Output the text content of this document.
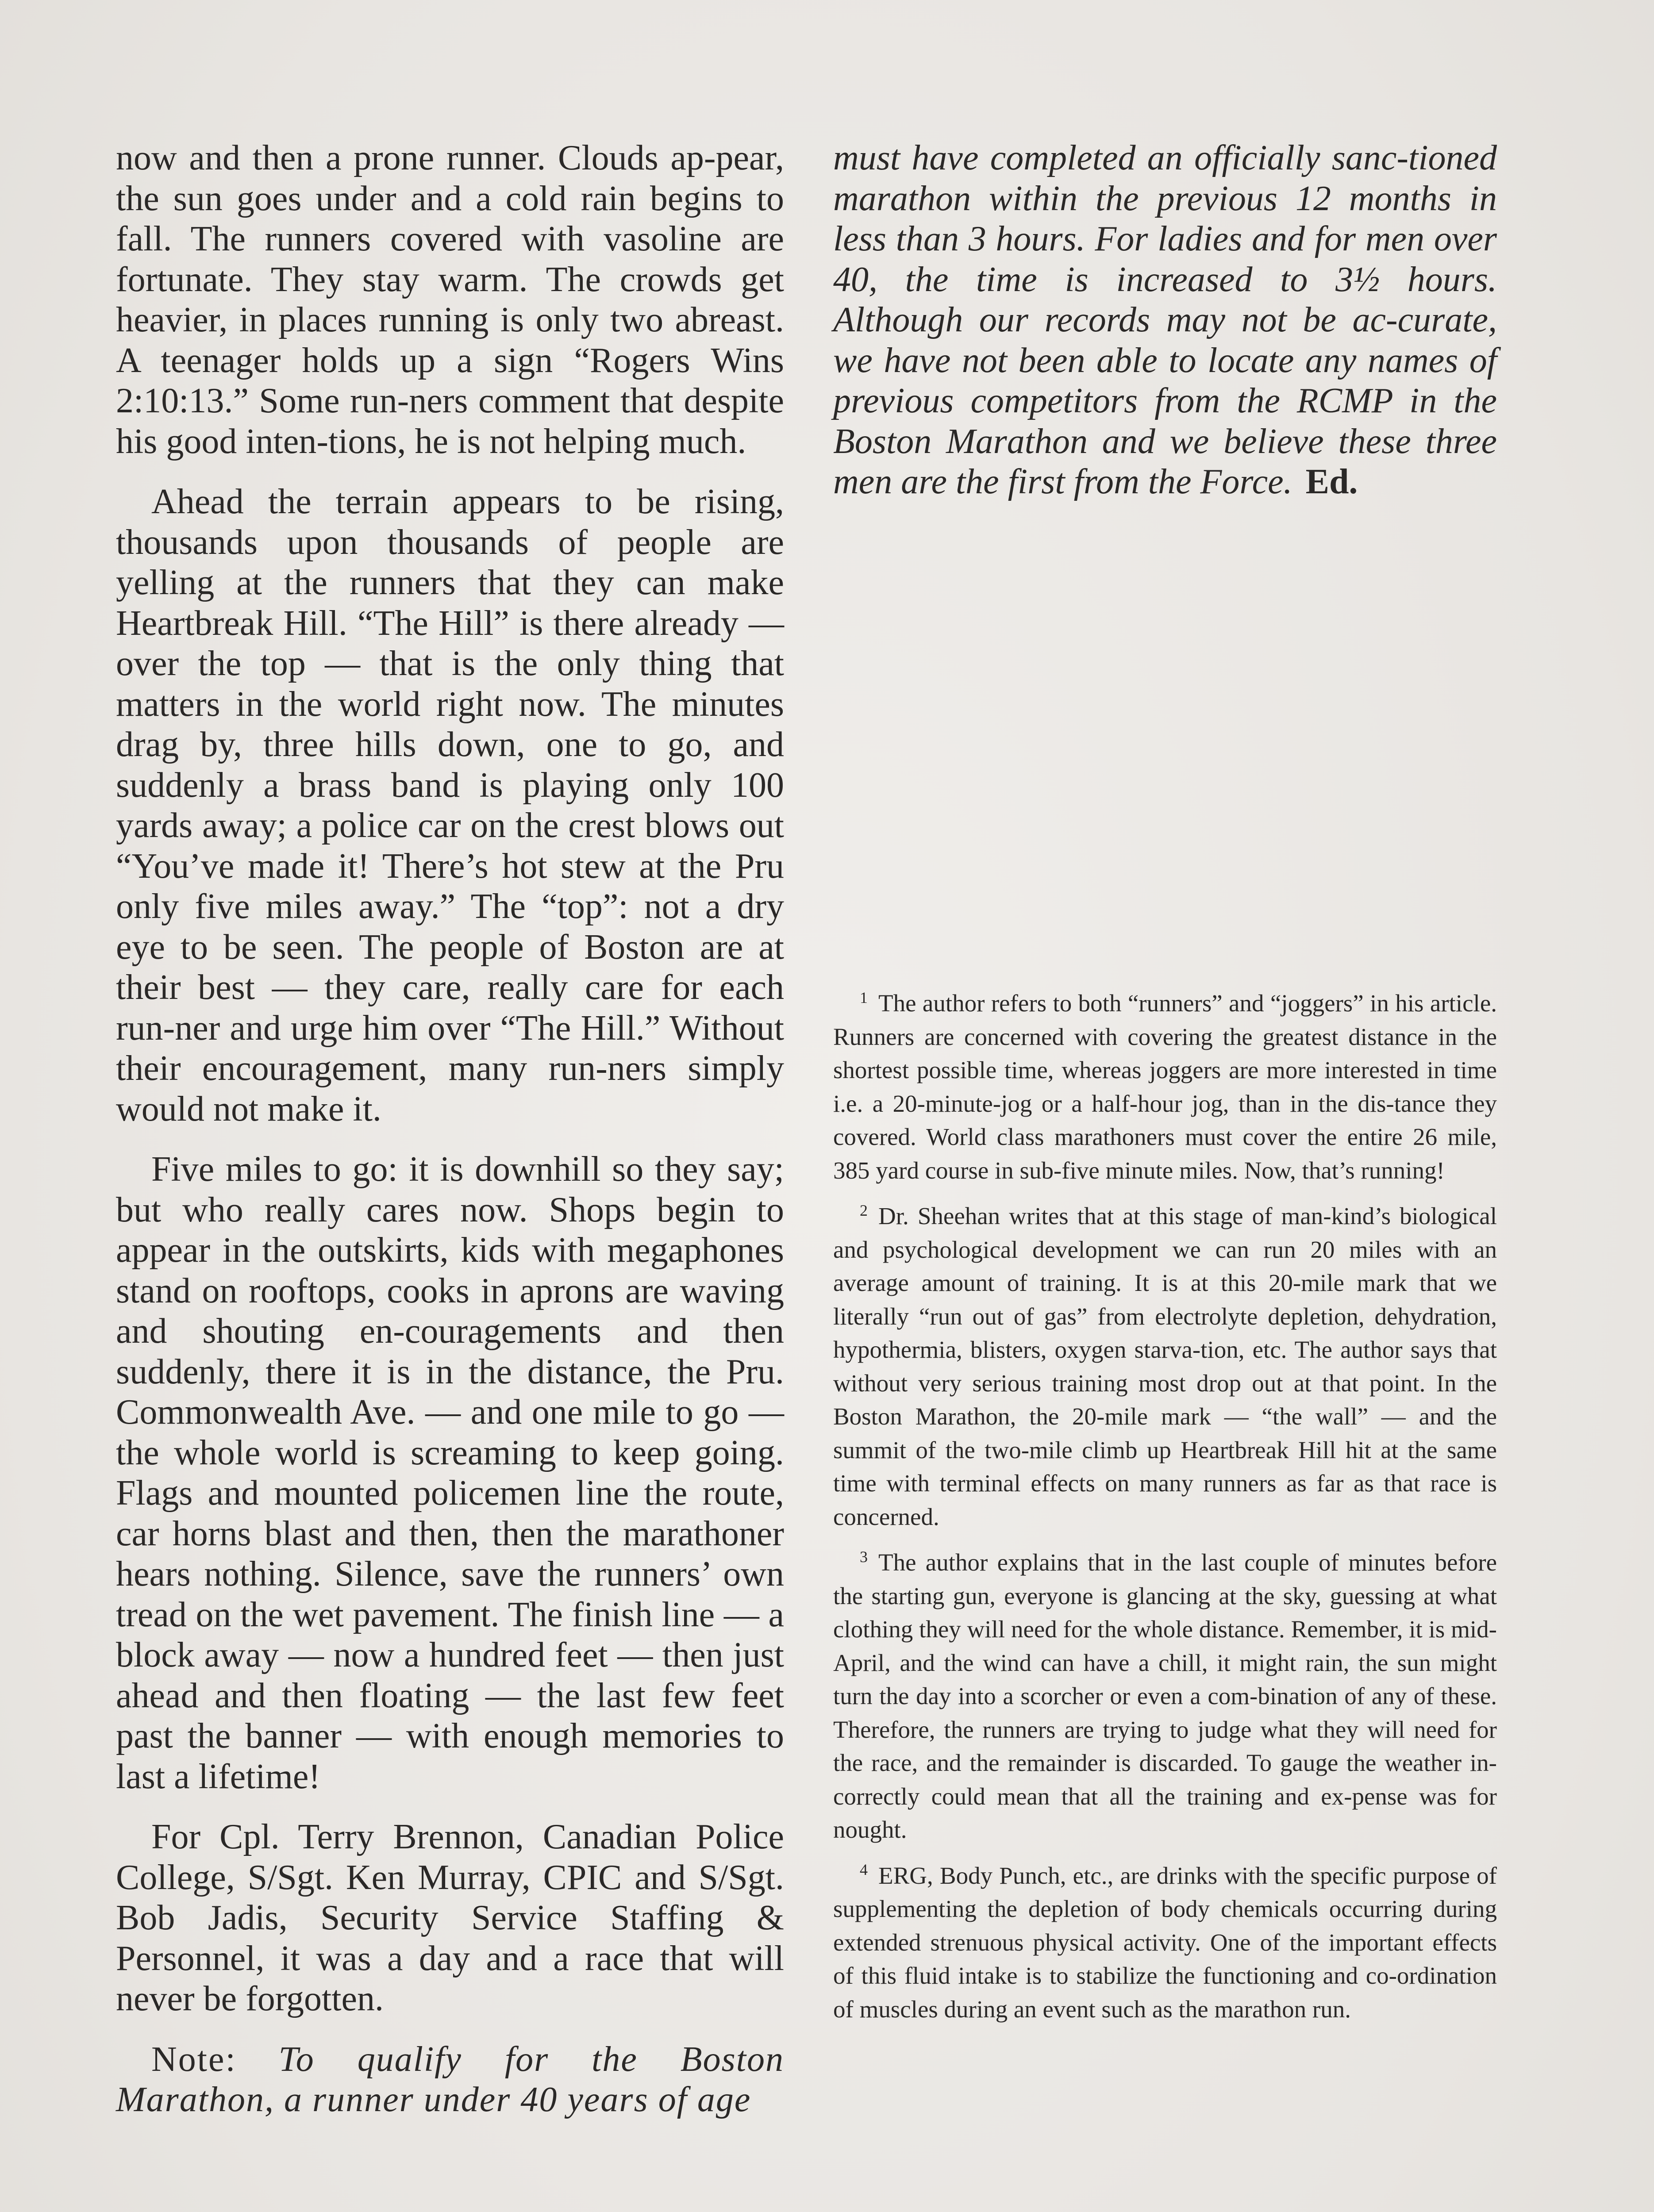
now and then a prone runner. Clouds ap-pear, the sun goes under and a cold rain begins to fall. The runners covered with vasoline are fortunate. They stay warm. The crowds get heavier, in places running is only two abreast. A teenager holds up a sign “Rogers Wins 2:10:13.” Some run-ners comment that despite his good inten-tions, he is not helping much.

Ahead the terrain appears to be rising, thousands upon thousands of people are yelling at the runners that they can make Heartbreak Hill. “The Hill” is there already — over the top — that is the only thing that matters in the world right now. The minutes drag by, three hills down, one to go, and suddenly a brass band is playing only 100 yards away; a police car on the crest blows out “You’ve made it! There’s hot stew at the Pru only five miles away.” The “top”: not a dry eye to be seen. The people of Boston are at their best — they care, really care for each run-ner and urge him over “The Hill.” Without their encouragement, many run-ners simply would not make it.

Five miles to go: it is downhill so they say; but who really cares now. Shops begin to appear in the outskirts, kids with megaphones stand on rooftops, cooks in aprons are waving and shouting en-couragements and then suddenly, there it is in the distance, the Pru. Commonwealth Ave. — and one mile to go — the whole world is screaming to keep going. Flags and mounted policemen line the route, car horns blast and then, then the marathoner hears nothing. Silence, save the runners’ own tread on the wet pavement. The finish line — a block away — now a hundred feet — then just ahead and then floating — the last few feet past the banner — with enough memories to last a lifetime!

For Cpl. Terry Brennon, Canadian Police College, S/Sgt. Ken Murray, CPIC and S/Sgt. Bob Jadis, Security Service Staffing & Personnel, it was a day and a race that will never be forgotten.

Note: To qualify for the Boston Marathon, a runner under 40 years of age

must have completed an officially sanc-tioned marathon within the previous 12 months in less than 3 hours. For ladies and for men over 40, the time is increased to 3½ hours. Although our records may not be ac-curate, we have not been able to locate any names of previous competitors from the RCMP in the Boston Marathon and we believe these three men are the first from the Force. Ed.

$^1$ The author refers to both “runners” and “joggers” in his article. Runners are concerned with covering the greatest distance in the shortest possible time, whereas joggers are more interested in time i.e. a 20-minute-jog or a half-hour jog, than in the dis-tance they covered. World class marathoners must cover the entire 26 mile, 385 yard course in sub-five minute miles. Now, that’s running!

$^2$ Dr. Sheehan writes that at this stage of man-kind’s biological and psychological development we can run 20 miles with an average amount of training. It is at this 20-mile mark that we literally “run out of gas” from electrolyte depletion, dehydration, hypothermia, blisters, oxygen starva-tion, etc. The author says that without very serious training most drop out at that point. In the Boston Marathon, the 20-mile mark — “the wall” — and the summit of the two-mile climb up Heartbreak Hill hit at the same time with terminal effects on many runners as far as that race is concerned.

$^3$ The author explains that in the last couple of minutes before the starting gun, everyone is glancing at the sky, guessing at what clothing they will need for the whole distance. Remember, it is mid-April, and the wind can have a chill, it might rain, the sun might turn the day into a scorcher or even a com-bination of any of these. Therefore, the runners are trying to judge what they will need for the race, and the remainder is discarded. To gauge the weather in-correctly could mean that all the training and ex-pense was for nought.

$^4$ ERG, Body Punch, etc., are drinks with the specific purpose of supplementing the depletion of body chemicals occurring during extended strenuous physical activity. One of the important effects of this fluid intake is to stabilize the functioning and co-ordination of muscles during an event such as the marathon run.
